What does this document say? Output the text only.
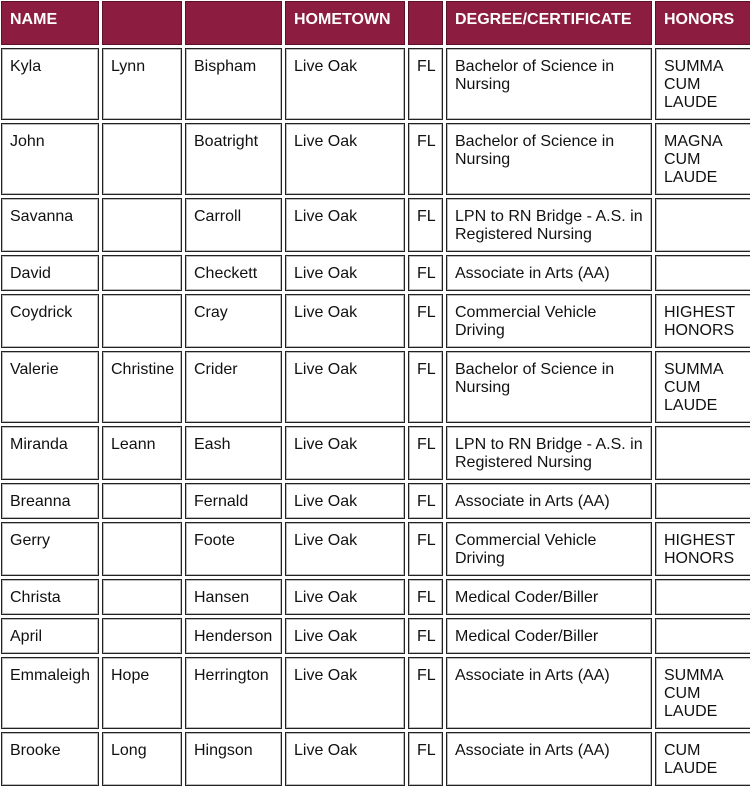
NAME			HOMETOWN		DEGREE/CERTIFICATE	HONORS
Kyla	Lynn	Bispham	Live Oak	FL	Bachelor of Science in Nursing	SUMMA CUM LAUDE
John		Boatright	Live Oak	FL	Bachelor of Science in Nursing	MAGNA CUM LAUDE
Savanna		Carroll	Live Oak	FL	LPN to RN Bridge - A.S. in Registered Nursing	
David		Checkett	Live Oak	FL	Associate in Arts (AA)	
Coydrick		Cray	Live Oak	FL	Commercial Vehicle Driving	HIGHEST HONORS
Valerie	Christine	Crider	Live Oak	FL	Bachelor of Science in Nursing	SUMMA CUM LAUDE
Miranda	Leann	Eash	Live Oak	FL	LPN to RN Bridge - A.S. in Registered Nursing	
Breanna		Fernald	Live Oak	FL	Associate in Arts (AA)	
Gerry		Foote	Live Oak	FL	Commercial Vehicle Driving	HIGHEST HONORS
Christa		Hansen	Live Oak	FL	Medical Coder/Biller	
April		Henderson	Live Oak	FL	Medical Coder/Biller	
Emmaleigh	Hope	Herrington	Live Oak	FL	Associate in Arts (AA)	SUMMA CUM LAUDE
Brooke	Long	Hingson	Live Oak	FL	Associate in Arts (AA)	CUM LAUDE
